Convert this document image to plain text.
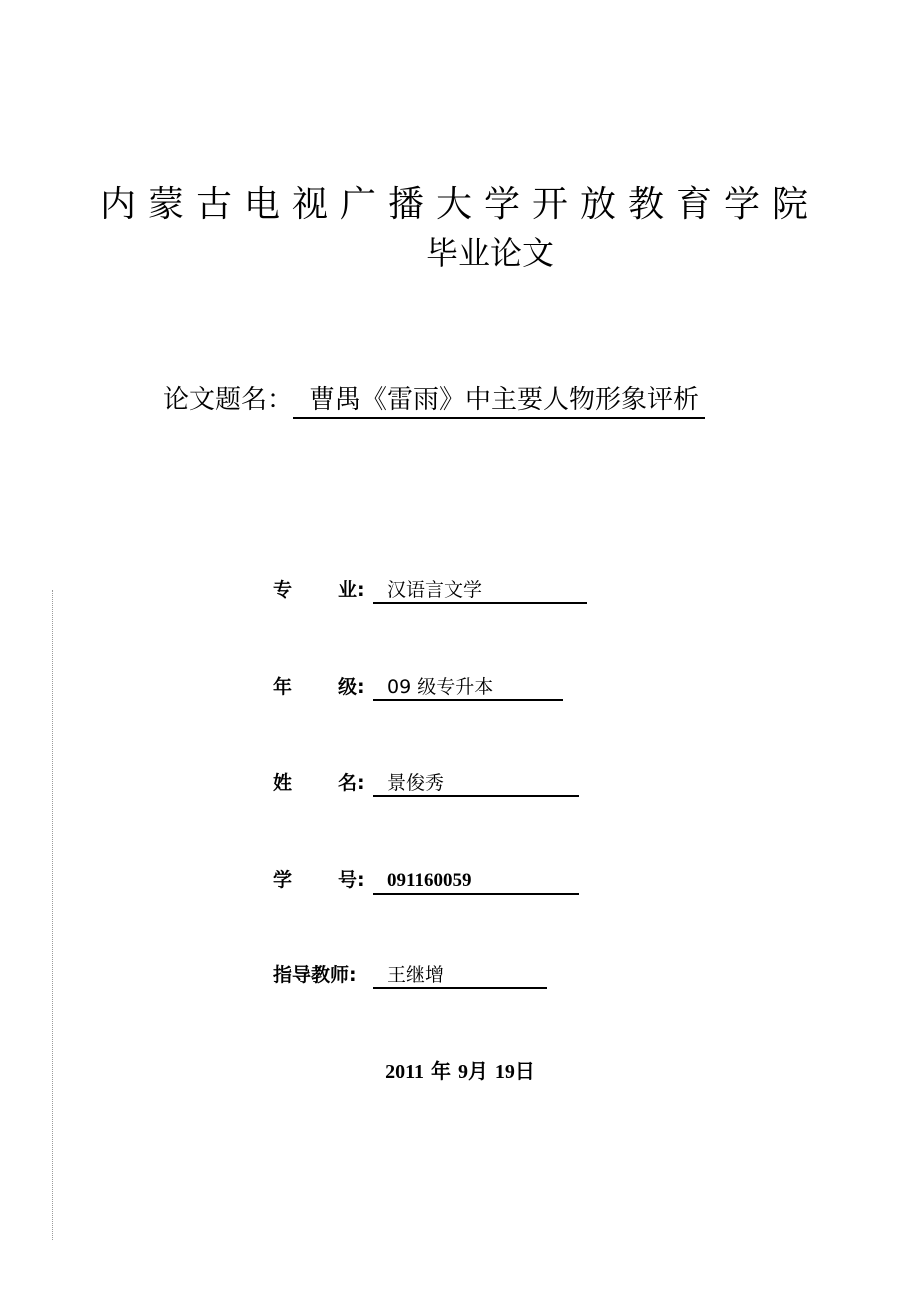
内蒙古电视广播大学开放教育学院
毕业论文
论文题名： 曹禺《雷雨》中主要人物形象评析
专 业: 汉语言文学
年 级: 09 级专升本
姓 名: 景俊秀
学 号: 091160059
指导教师: 王继增
2011 年 9月 19日
